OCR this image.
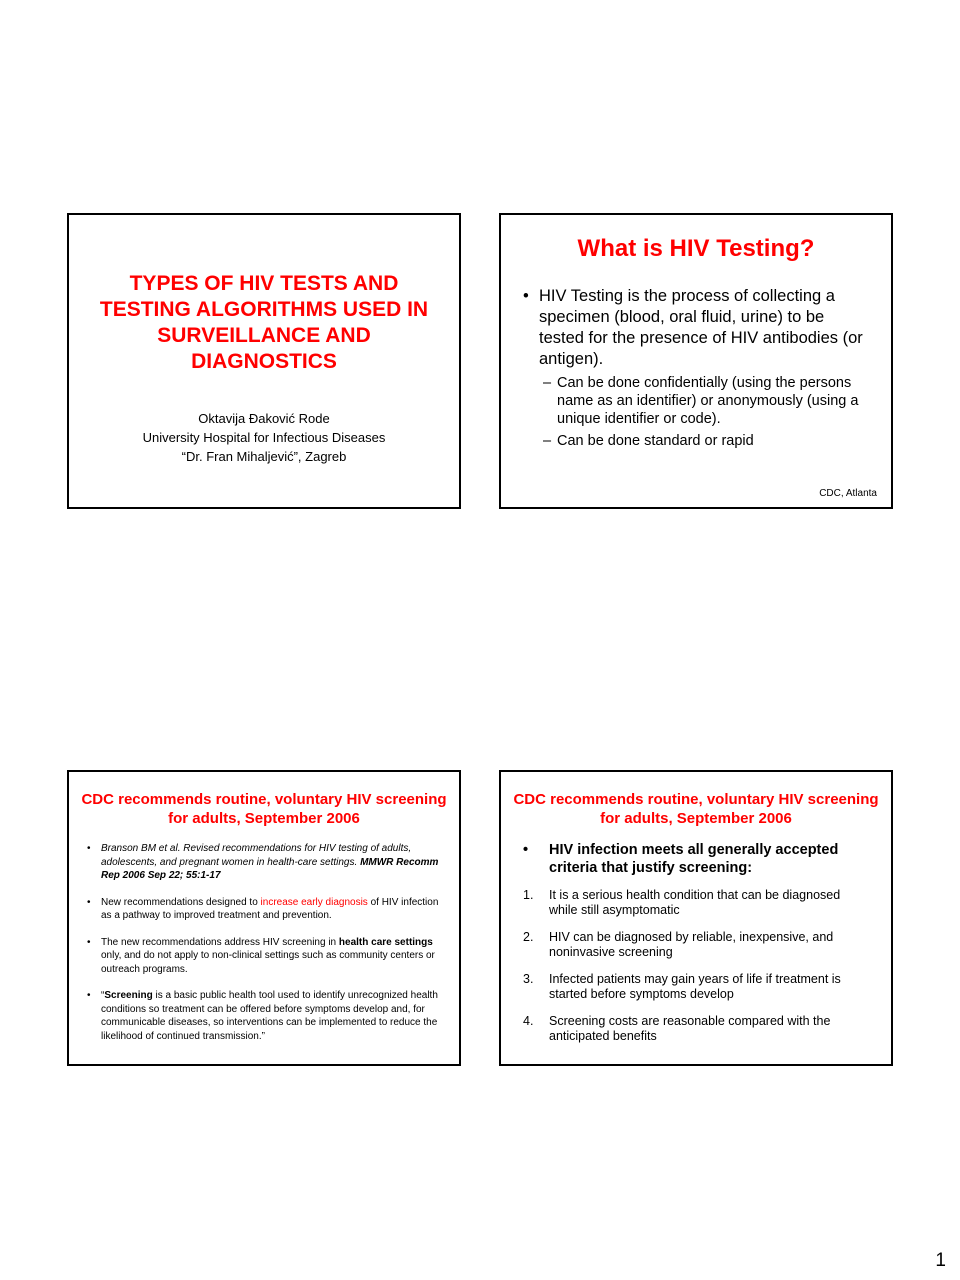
TYPES OF HIV TESTS AND TESTING ALGORITHMS USED IN SURVEILLANCE AND DIAGNOSTICS
Oktavija Đaković Rode
University Hospital for Infectious Diseases
“Dr. Fran Mihaljević”, Zagreb
What is HIV Testing?
• HIV Testing is the process of collecting a specimen (blood, oral fluid, urine) to be tested for the presence of HIV antibodies (or antigen).
– Can be done confidentially (using the persons name as an identifier) or anonymously (using a unique identifier or code).
– Can be done standard or rapid
CDC, Atlanta
CDC recommends routine, voluntary HIV screening for adults, September 2006
• Branson BM et al. Revised recommendations for HIV testing of adults, adolescents, and pregnant women in health-care settings. MMWR Recomm Rep 2006 Sep 22; 55:1-17
• New recommendations designed to increase early diagnosis of HIV infection as a pathway to improved treatment and prevention.
• The new recommendations address HIV screening in health care settings only, and do not apply to non-clinical settings such as community centers or outreach programs.
• “Screening is a basic public health tool used to identify unrecognized health conditions so treatment can be offered before symptoms develop and, for communicable diseases, so interventions can be implemented to reduce the likelihood of continued transmission.”
CDC recommends routine, voluntary HIV screening for adults, September 2006
• HIV infection meets all generally accepted criteria that justify screening:
1. It is a serious health condition that can be diagnosed while still asymptomatic
2. HIV can be diagnosed by reliable, inexpensive, and noninvasive screening
3. Infected patients may gain years of life if treatment is started before symptoms develop
4. Screening costs are reasonable compared with the anticipated benefits
1
